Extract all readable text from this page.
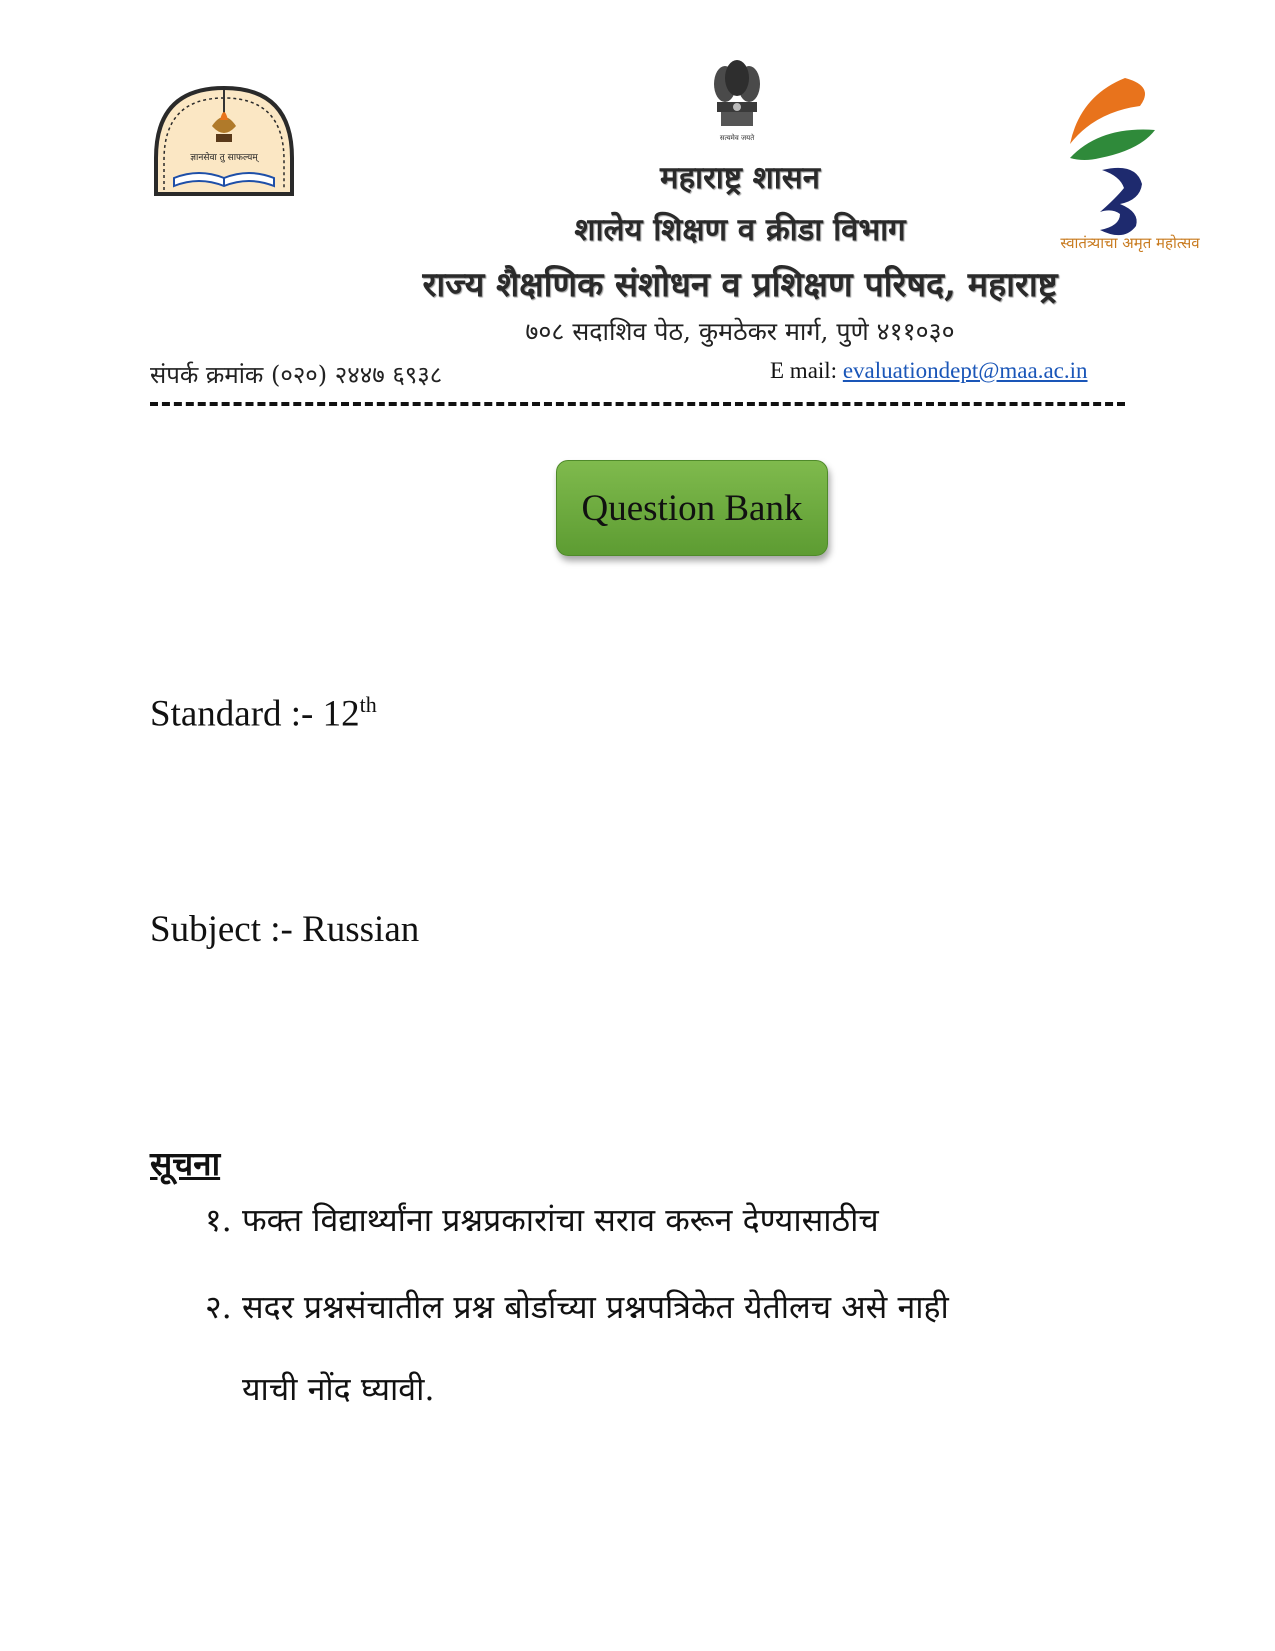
ज्ञानसेवा तु साफल्यम्
सत्यमेव जयते
स्वातंत्र्याचा अमृत महोत्सव
महाराष्ट्र शासन
शालेय शिक्षण व क्रीडा विभाग
राज्य शैक्षणिक संशोधन व प्रशिक्षण परिषद, महाराष्ट्र
७०८ सदाशिव पेठ, कुमठेकर मार्ग, पुणे ४११०३०
संपर्क क्रमांक (०२०) २४४७ ६९३८	E mail: evaluationdept@maa.ac.in
Question Bank
Standard :- 12th
Subject :- Russian
सूचना
१. फक्त विद्यार्थ्यांना प्रश्नप्रकारांचा सराव करून देण्यासाठीच
२. सदर प्रश्नसंचातील प्रश्न बोर्डाच्या प्रश्नपत्रिकेत येतीलच असे नाही
याची नोंद घ्यावी.
